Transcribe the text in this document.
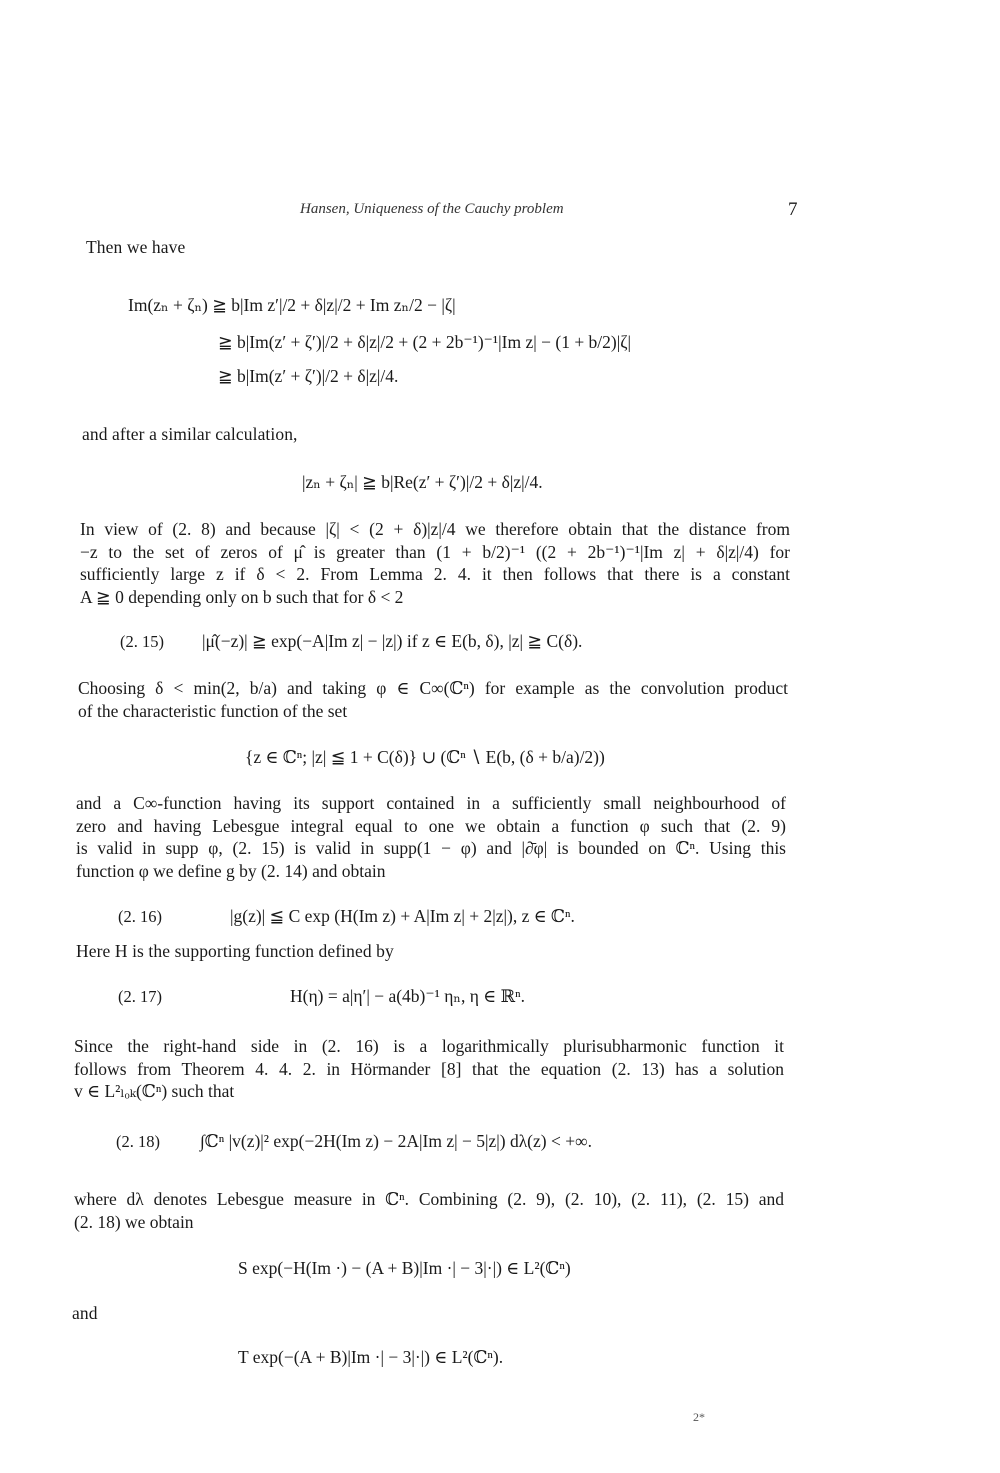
Hansen, Uniqueness of the Cauchy problem	7
Then we have
Im(zₙ + ζₙ) ≧ b|Im z′|/2 + δ|z|/2 + Im zₙ/2 − |ζ|
≧ b|Im(z′ + ζ′)|/2 + δ|z|/2 + (2 + 2b⁻¹)⁻¹|Im z| − (1 + b/2)|ζ|
≧ b|Im(z′ + ζ′)|/2 + δ|z|/4.
and after a similar calculation,
|zₙ + ζₙ| ≧ b|Re(z′ + ζ′)|/2 + δ|z|/4.
In view of (2. 8) and because |ζ| < (2 + δ)|z|/4 we therefore obtain that the distance from
−z to the set of zeros of μ̂ is greater than (1 + b/2)⁻¹ ((2 + 2b⁻¹)⁻¹|Im z| + δ|z|/4) for
sufficiently large z if δ < 2. From Lemma 2. 4. it then follows that there is a constant
A ≧ 0 depending only on b such that for δ < 2
(2. 15) |μ̂(−z)| ≧ exp(−A|Im z| − |z|) if z ∈ E(b, δ), |z| ≧ C(δ).
Choosing δ < min(2, b/a) and taking φ ∈ C∞(ℂⁿ) for example as the convolution product
of the characteristic function of the set
{z ∈ ℂⁿ; |z| ≦ 1 + C(δ)} ∪ (ℂⁿ ∖ E(b, (δ + b/a)/2))
and a C∞-function having its support contained in a sufficiently small neighbourhood of
zero and having Lebesgue integral equal to one we obtain a function φ such that (2. 9)
is valid in supp φ, (2. 15) is valid in supp(1 − φ) and |∂̄φ| is bounded on ℂⁿ. Using this
function φ we define g by (2. 14) and obtain
(2. 16)	|g(z)| ≦ C exp (H(Im z) + A|Im z| + 2|z|), z ∈ ℂⁿ.
Here H is the supporting function defined by
(2. 17)	H(η) = a|η′| − a(4b)⁻¹ ηₙ, η ∈ ℝⁿ.
Since the right-hand side in (2. 16) is a logarithmically plurisubharmonic function it
follows from Theorem 4. 4. 2. in Hörmander [8] that the equation (2. 13) has a solution
v ∈ L²ₗₒₖ(ℂⁿ) such that
(2. 18) ∫ℂⁿ |v(z)|² exp(−2H(Im z) − 2A|Im z| − 5|z|) dλ(z) < +∞.
where dλ denotes Lebesgue measure in ℂⁿ. Combining (2. 9), (2. 10), (2. 11), (2. 15) and
(2. 18) we obtain
S exp(−H(Im ·) − (A + B)|Im ·| − 3|·|) ∈ L²(ℂⁿ)
and
T exp(−(A + B)|Im ·| − 3|·|) ∈ L²(ℂⁿ).
2*
